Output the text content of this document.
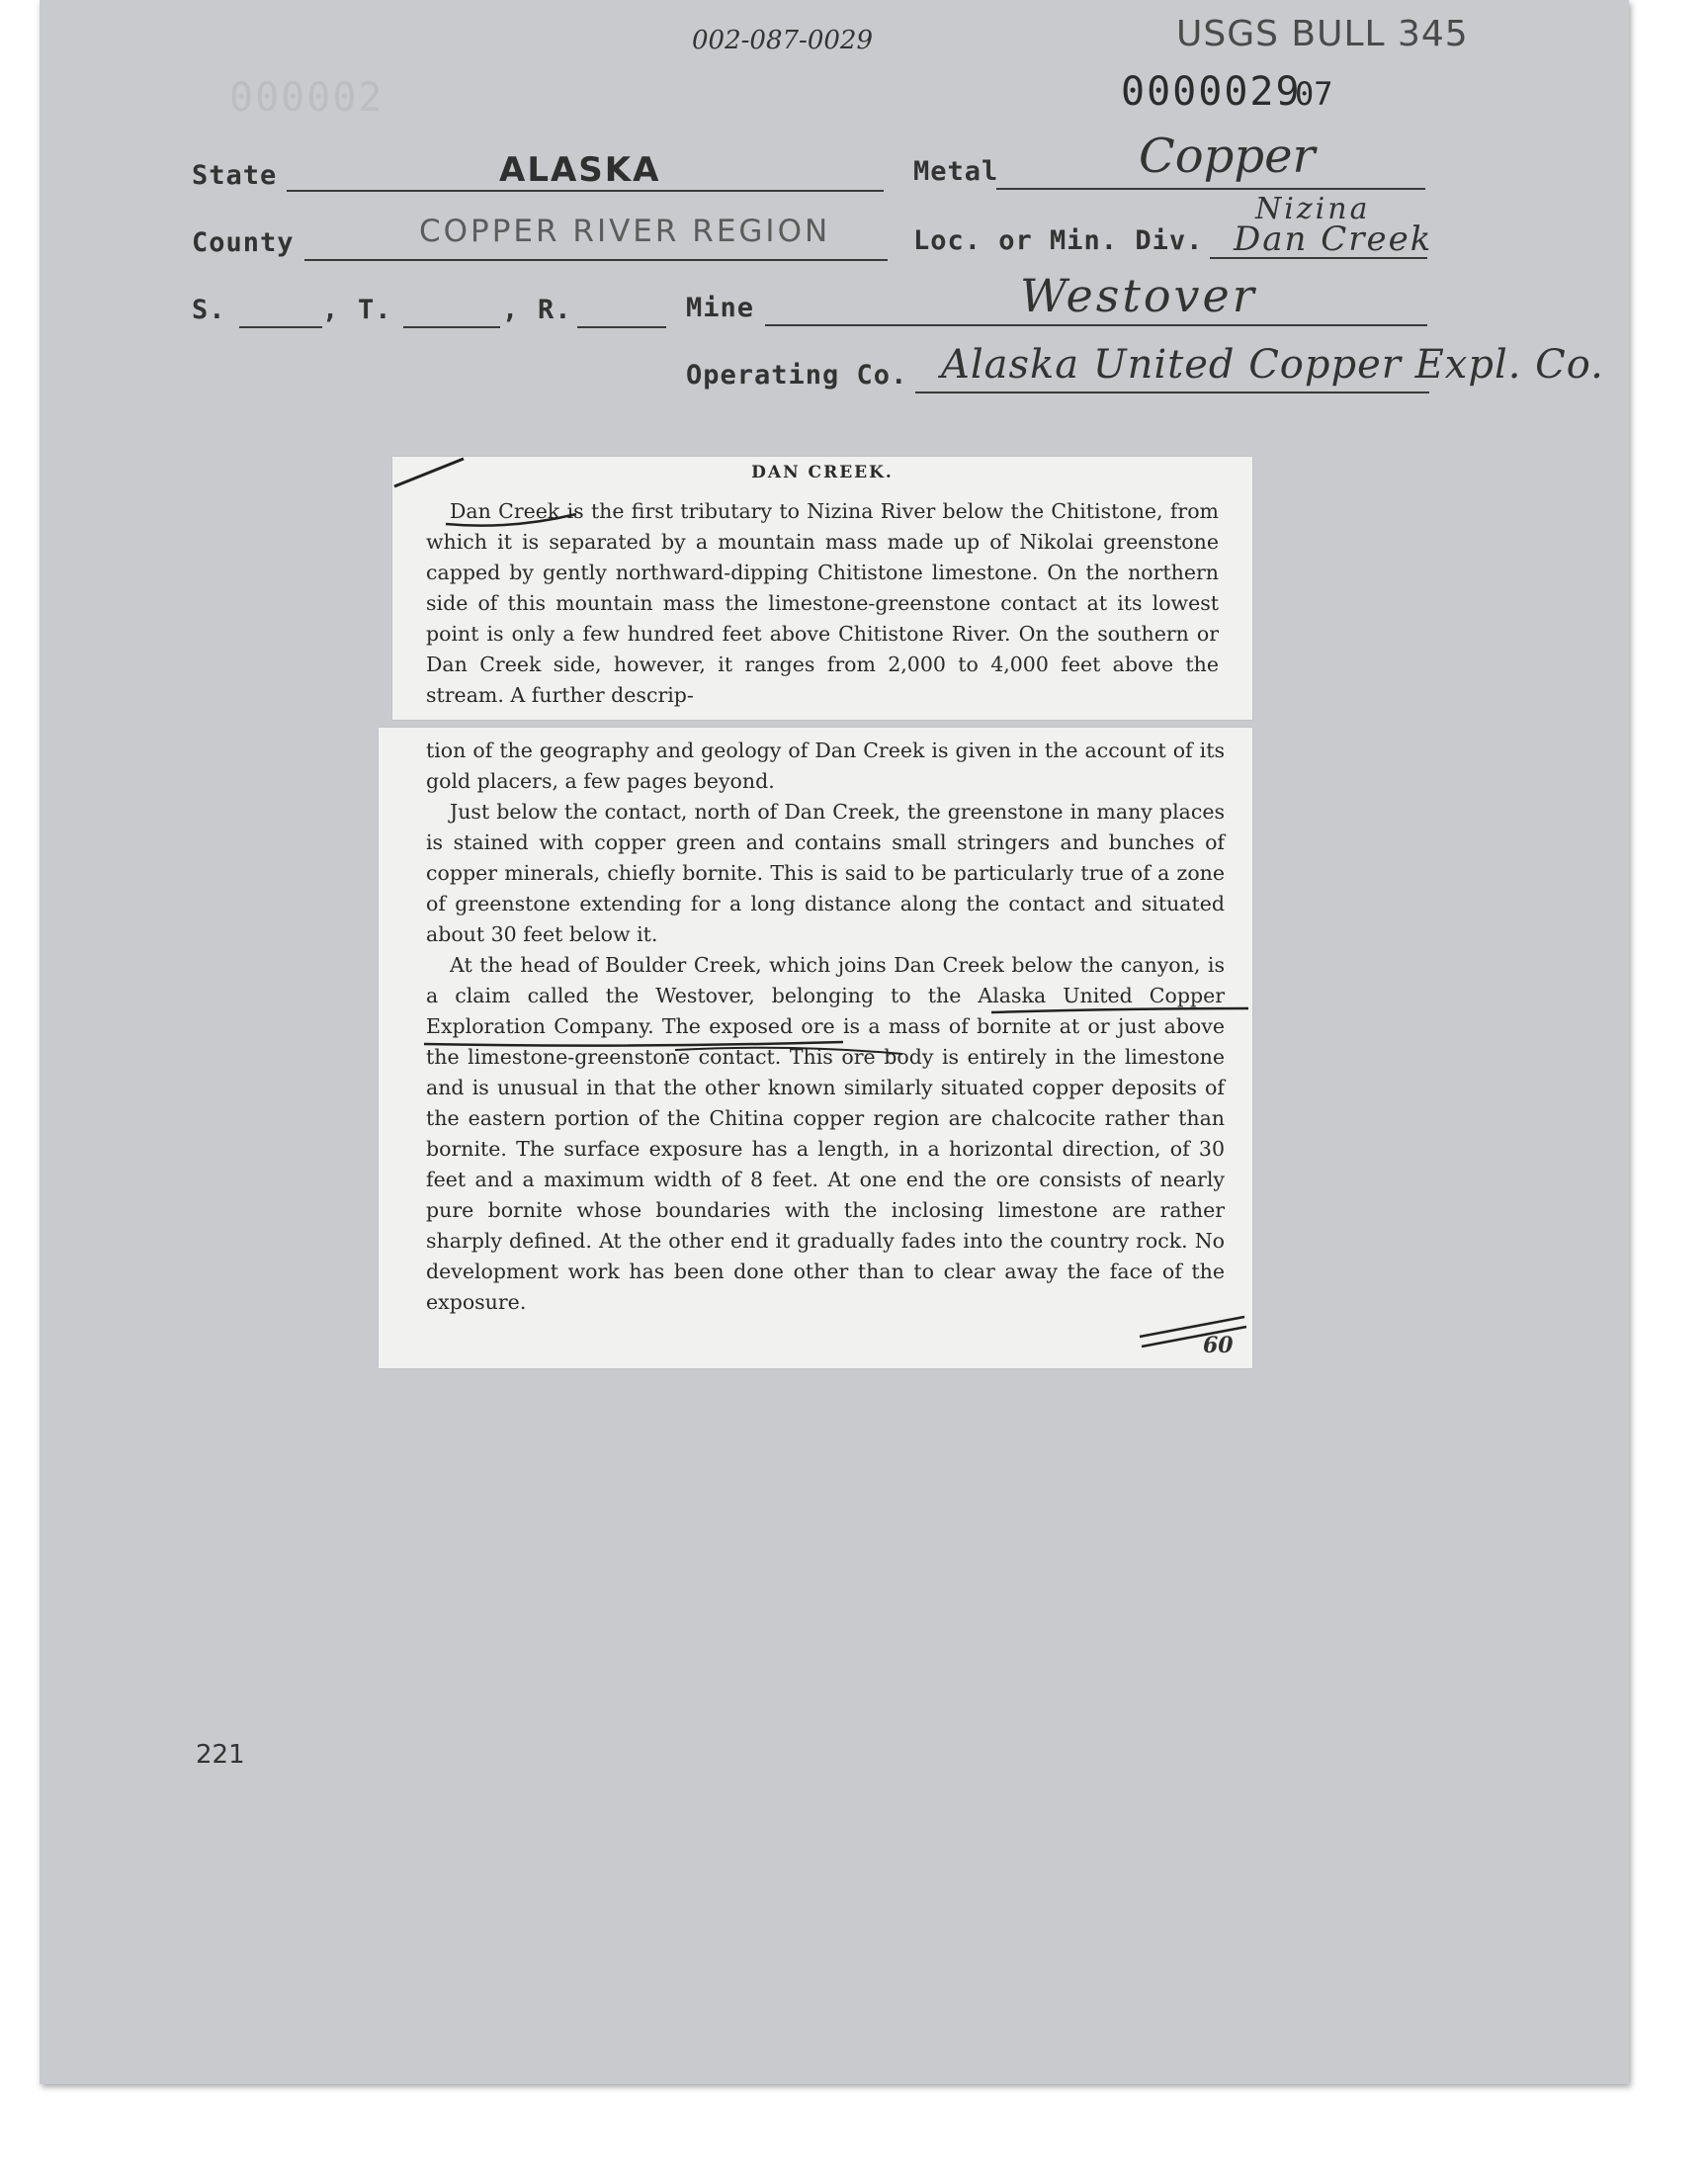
002-087-0029	USGS BULL 345
000002	0000029
07
State	ALASKA	Metal	Copper
County	COPPER RIVER REGION	Loc. or Min. Div.
Nizina
Dan Creek
S.	, T.	, R.	Mine	Westover
Operating Co. Alaska United Copper Expl. Co.
DAN CREEK.

Dan Creek is the first tributary to Nizina River below the Chitistone, from which it is separated by a mountain mass made up of Nikolai greenstone capped by gently northward-dipping Chitistone limestone. On the northern side of this mountain mass the limestone-greenstone contact at its lowest point is only a few hundred feet above Chitistone River. On the southern or Dan Creek side, however, it ranges from 2,000 to 4,000 feet above the stream. A further descrip-

tion of the geography and geology of Dan Creek is given in the account of its gold placers, a few pages beyond.

Just below the contact, north of Dan Creek, the greenstone in many places is stained with copper green and contains small stringers and bunches of copper minerals, chiefly bornite. This is said to be particularly true of a zone of greenstone extending for a long distance along the contact and situated about 30 feet below it.

At the head of Boulder Creek, which joins Dan Creek below the canyon, is a claim called the Westover, belonging to the Alaska United Copper Exploration Company. The exposed ore is a mass of bornite at or just above the limestone-greenstone contact. This ore body is entirely in the limestone and is unusual in that the other known similarly situated copper deposits of the eastern portion of the Chitina copper region are chalcocite rather than bornite. The surface exposure has a length, in a horizontal direction, of 30 feet and a maximum width of 8 feet. At one end the ore consists of nearly pure bornite whose boundaries with the inclosing limestone are rather sharply defined. At the other end it gradually fades into the country rock. No development work has been done other than to clear away the face of the exposure.

60
221
